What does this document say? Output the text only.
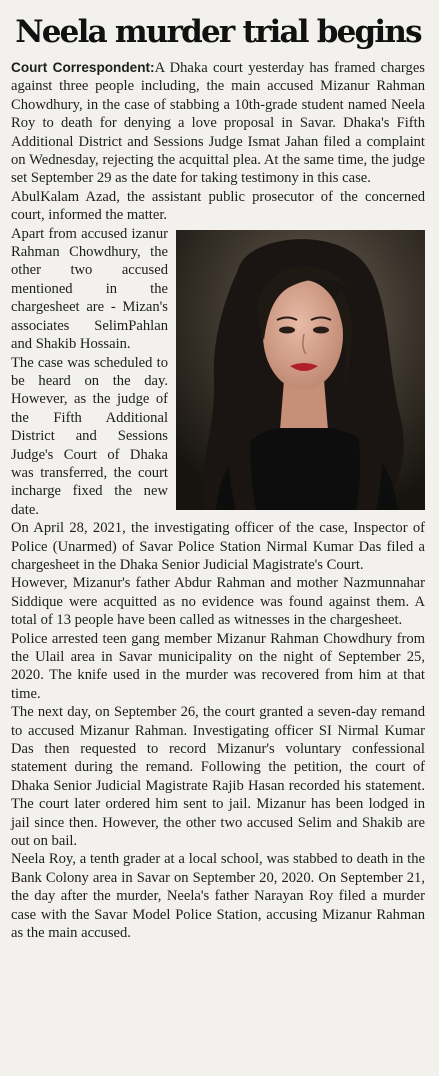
Neela murder trial begins

Court Correspondent:A Dhaka court yesterday has framed charges against three people including, the main accused Mizanur Rahman Chowdhury, in the case of stabbing a 10th-grade student named Neela Roy to death for denying a love proposal in Savar. Dhaka's Fifth Additional District and Sessions Judge Ismat Jahan filed a complaint on Wednesday, rejecting the acquittal plea. At the same time, the judge set September 29 as the date for taking testimony in this case.

AbulKalam Azad, the assistant public prosecutor of the concerned court, informed the matter.

Apart from accused izanur Rahman Chowdhury, the other two accused mentioned in the chargesheet are - Mizan's associates SelimPahlan and Shakib Hossain.

The case was scheduled to be heard on the day. However, as the judge of the Fifth Additional District and Sessions Judge's Court of Dhaka was transferred, the court incharge fixed the new date.

On April 28, 2021, the investigating officer of the case, Inspector of Police (Unarmed) of Savar Police Station Nirmal Kumar Das filed a chargesheet in the Dhaka Senior Judicial Magistrate's Court.

However, Mizanur's father Abdur Rahman and mother Nazmunnahar Siddique were acquitted as no evidence was found against them. A total of 13 people have been called as witnesses in the chargesheet.

Police arrested teen gang member Mizanur Rahman Chowdhury from the Ulail area in Savar municipality on the night of September 25, 2020. The knife used in the murder was recovered from him at that time.

The next day, on September 26, the court granted a seven-day remand to accused Mizanur Rahman. Investigating officer SI Nirmal Kumar Das then requested to record Mizanur's voluntary confessional statement during the remand. Following the petition, the court of Dhaka Senior Judicial Magistrate Rajib Hasan recorded his statement. The court later ordered him sent to jail. Mizanur has been lodged in jail since then. However, the other two accused Selim and Shakib are out on bail.

Neela Roy, a tenth grader at a local school, was stabbed to death in the Bank Colony area in Savar on September 20, 2020. On September 21, the day after the murder, Neela's father Narayan Roy filed a murder case with the Savar Model Police Station, accusing Mizanur Rahman as the main accused.
